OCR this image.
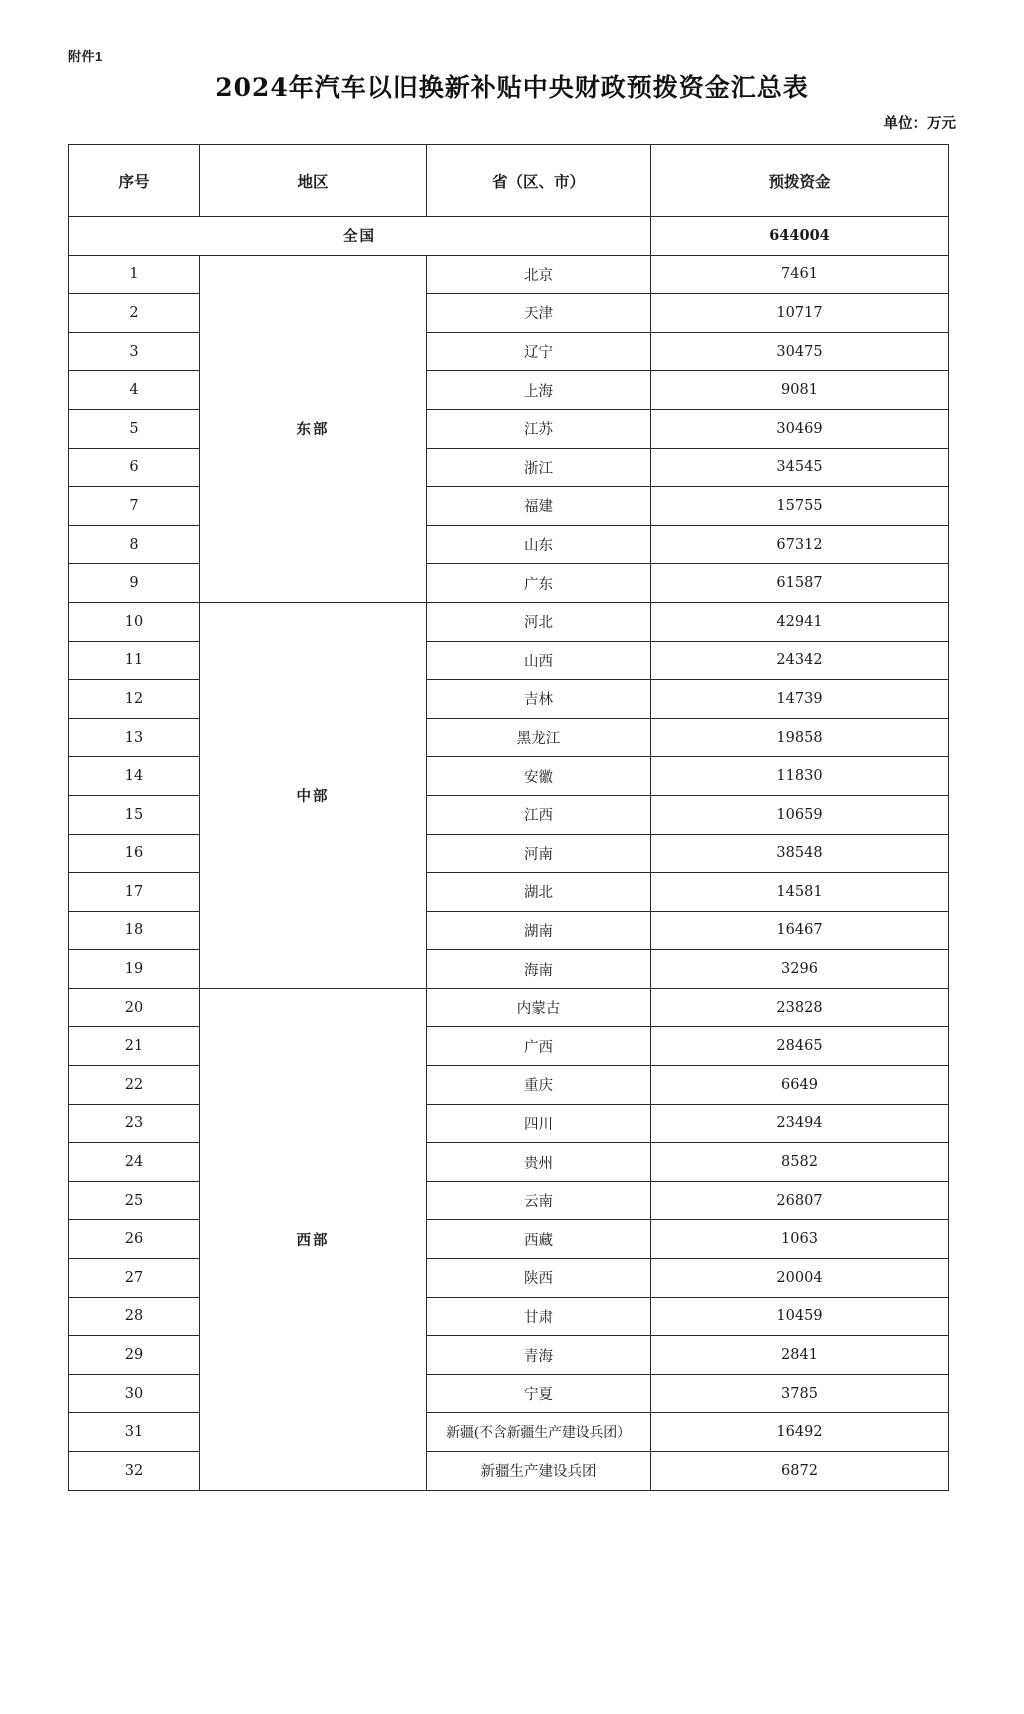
附件1
2024年汽车以旧换新补贴中央财政预拨资金汇总表
单位：万元
序号	地区	省（区、市）	预拨资金
全国			644004
1	东部	北京	7461
2		天津	10717
3		辽宁	30475
4		上海	9081
5		江苏	30469
6		浙江	34545
7		福建	15755
8		山东	67312
9		广东	61587
10	中部	河北	42941
11		山西	24342
12		吉林	14739
13		黑龙江	19858
14		安徽	11830
15		江西	10659
16		河南	38548
17		湖北	14581
18		湖南	16467
19		海南	3296
20	西部	内蒙古	23828
21		广西	28465
22		重庆	6649
23		四川	23494
24		贵州	8582
25		云南	26807
26		西藏	1063
27		陕西	20004
28		甘肃	10459
29		青海	2841
30		宁夏	3785
31		新疆(不含新疆生产建设兵团）	16492
32		新疆生产建设兵团	6872
